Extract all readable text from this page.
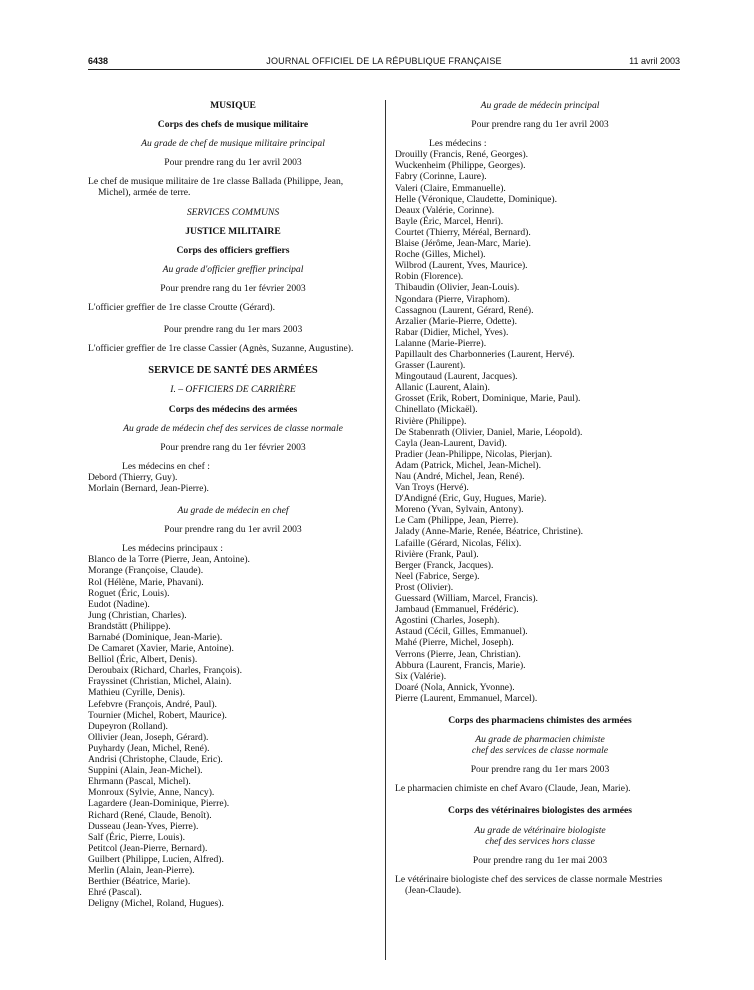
6438	JOURNAL OFFICIEL DE LA RÉPUBLIQUE FRANÇAISE	11 avril 2003
MUSIQUE
Corps des chefs de musique militaire
Au grade de chef de musique militaire principal
Pour prendre rang du 1er avril 2003
Le chef de musique militaire de 1re classe Ballada (Philippe, Jean, Michel), armée de terre.
SERVICES COMMUNS
JUSTICE MILITAIRE
Corps des officiers greffiers
Au grade d'officier greffier principal
Pour prendre rang du 1er février 2003
L'officier greffier de 1re classe Croutte (Gérard).
Pour prendre rang du 1er mars 2003
L'officier greffier de 1re classe Cassier (Agnès, Suzanne, Augustine).
SERVICE DE SANTÉ DES ARMÉES
I. – OFFICIERS DE CARRIÈRE
Corps des médecins des armées
Au grade de médecin chef des services de classe normale
Pour prendre rang du 1er février 2003
Les médecins en chef :
Debord (Thierry, Guy).
Morlain (Bernard, Jean-Pierre).
Au grade de médecin en chef
Pour prendre rang du 1er avril 2003
Les médecins principaux :
Blanco de la Torre (Pierre, Jean, Antoine).
Morange (Françoise, Claude).
Rol (Hélène, Marie, Phavani).
Roguet (Éric, Louis).
Eudot (Nadine).
Jung (Christian, Charles).
Brandstätt (Philippe).
Barnabé (Dominique, Jean-Marie).
De Camaret (Xavier, Marie, Antoine).
Belliol (Éric, Albert, Denis).
Deroubaix (Richard, Charles, François).
Frayssinet (Christian, Michel, Alain).
Mathieu (Cyrille, Denis).
Lefebvre (François, André, Paul).
Tournier (Michel, Robert, Maurice).
Dupeyron (Rolland).
Ollivier (Jean, Joseph, Gérard).
Puyhardy (Jean, Michel, René).
Andrisi (Christophe, Claude, Eric).
Suppini (Alain, Jean-Michel).
Ehrmann (Pascal, Michel).
Monroux (Sylvie, Anne, Nancy).
Lagardere (Jean-Dominique, Pierre).
Richard (René, Claude, Benoît).
Dusseau (Jean-Yves, Pierre).
Salf (Éric, Pierre, Louis).
Petitcol (Jean-Pierre, Bernard).
Guilbert (Philippe, Lucien, Alfred).
Merlin (Alain, Jean-Pierre).
Berthier (Béatrice, Marie).
Ehré (Pascal).
Deligny (Michel, Roland, Hugues).
Au grade de médecin principal
Pour prendre rang du 1er avril 2003
Les médecins :
Drouilly (Francis, René, Georges).
Wuckenheim (Philippe, Georges).
Fabry (Corinne, Laure).
Valeri (Claire, Emmanuelle).
Helle (Véronique, Claudette, Dominique).
Deaux (Valérie, Corinne).
Bayle (Éric, Marcel, Henri).
Courtet (Thierry, Méréal, Bernard).
Blaise (Jérôme, Jean-Marc, Marie).
Roche (Gilles, Michel).
Wilbrod (Laurent, Yves, Maurice).
Robin (Florence).
Thibaudin (Olivier, Jean-Louis).
Ngondara (Pierre, Viraphom).
Cassagnou (Laurent, Gérard, René).
Arzalier (Marie-Pierre, Odette).
Rabar (Didier, Michel, Yves).
Lalanne (Marie-Pierre).
Papillault des Charbonneries (Laurent, Hervé).
Grasser (Laurent).
Mingoutaud (Laurent, Jacques).
Allanic (Laurent, Alain).
Grosset (Erik, Robert, Dominique, Marie, Paul).
Chinellato (Mickaël).
Rivière (Philippe).
De Stabenrath (Olivier, Daniel, Marie, Léopold).
Cayla (Jean-Laurent, David).
Pradier (Jean-Philippe, Nicolas, Pierjan).
Adam (Patrick, Michel, Jean-Michel).
Nau (André, Michel, Jean, René).
Van Troys (Hervé).
D'Andigné (Eric, Guy, Hugues, Marie).
Moreno (Yvan, Sylvain, Antony).
Le Cam (Philippe, Jean, Pierre).
Jalady (Anne-Marie, Renée, Béatrice, Christine).
Lafaille (Gérard, Nicolas, Félix).
Rivière (Frank, Paul).
Berger (Franck, Jacques).
Neel (Fabrice, Serge).
Prost (Olivier).
Guessard (William, Marcel, Francis).
Jambaud (Emmanuel, Frédéric).
Agostini (Charles, Joseph).
Astaud (Cécil, Gilles, Emmanuel).
Mahé (Pierre, Michel, Joseph).
Verrons (Pierre, Jean, Christian).
Abbura (Laurent, Francis, Marie).
Six (Valérie).
Doaré (Nola, Annick, Yvonne).
Pierre (Laurent, Emmanuel, Marcel).
Corps des pharmaciens chimistes des armées
Au grade de pharmacien chimiste
chef des services de classe normale
Pour prendre rang du 1er mars 2003
Le pharmacien chimiste en chef Avaro (Claude, Jean, Marie).
Corps des vétérinaires biologistes des armées
Au grade de vétérinaire biologiste
chef des services hors classe
Pour prendre rang du 1er mai 2003
Le vétérinaire biologiste chef des services de classe normale Mestries (Jean-Claude).
